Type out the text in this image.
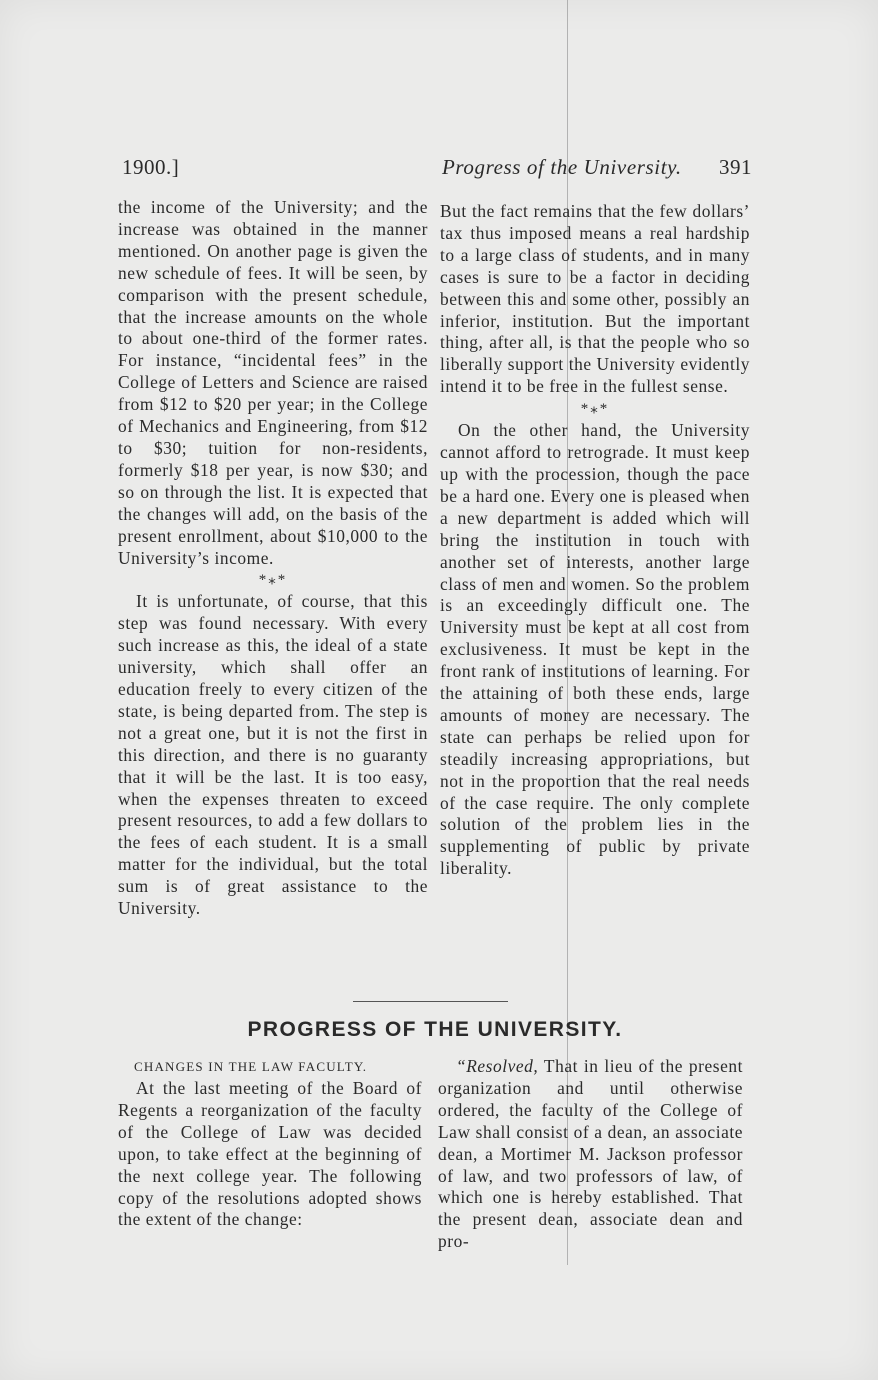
1900.]	Progress of the University. 391

the income of the University; and the increase was obtained in the manner mentioned. On another page is given the new schedule of fees. It will be seen, by comparison with the present schedule, that the increase amounts on the whole to about one-third of the former rates. For instance, “incidental fees” in the College of Letters and Science are raised from $12 to $20 per year; in the College of Mechanics and Engineering, from $12 to $30; tuition for non-residents, formerly $18 per year, is now $30; and so on through the list. It is expected that the changes will add, on the basis of the present enrollment, about $10,000 to the University’s income.

*⁎*

It is unfortunate, of course, that this step was found necessary. With every such increase as this, the ideal of a state university, which shall offer an education freely to every citizen of the state, is being departed from. The step is not a great one, but it is not the first in this direction, and there is no guaranty that it will be the last. It is too easy, when the expenses threaten to exceed present resources, to add a few dollars to the fees of each student. It is a small matter for the individual, but the total sum is of great assistance to the University.

But the fact remains that the few dollars’ tax thus imposed means a real hardship to a large class of students, and in many cases is sure to be a factor in deciding between this and some other, possibly an inferior, institution. But the important thing, after all, is that the people who so liberally support the University evidently intend it to be free in the fullest sense.

*⁎*

On the other hand, the University cannot afford to retrograde. It must keep up with the procession, though the pace be a hard one. Every one is pleased when a new department is added which will bring the institution in touch with another set of interests, another large class of men and women. So the problem is an exceedingly difficult one. The University must be kept at all cost from exclusiveness. It must be kept in the front rank of institutions of learning. For the attaining of both these ends, large amounts of money are necessary. The state can perhaps be relied upon for steadily increasing appropriations, but not in the proportion that the real needs of the case require. The only complete solution of the problem lies in the supplementing of public by private liberality.

PROGRESS OF THE UNIVERSITY.

CHANGES IN THE LAW FACULTY.

At the last meeting of the Board of Regents a reorganization of the faculty of the College of Law was decided upon, to take effect at the beginning of the next college year. The following copy of the resolutions adopted shows the extent of the change:

“Resolved, That in lieu of the present organization and until otherwise ordered, the faculty of the College of Law shall consist of a dean, an associate dean, a Mortimer M. Jackson professor of law, and two professors of law, of which one is hereby established. That the present dean, associate dean and pro-
